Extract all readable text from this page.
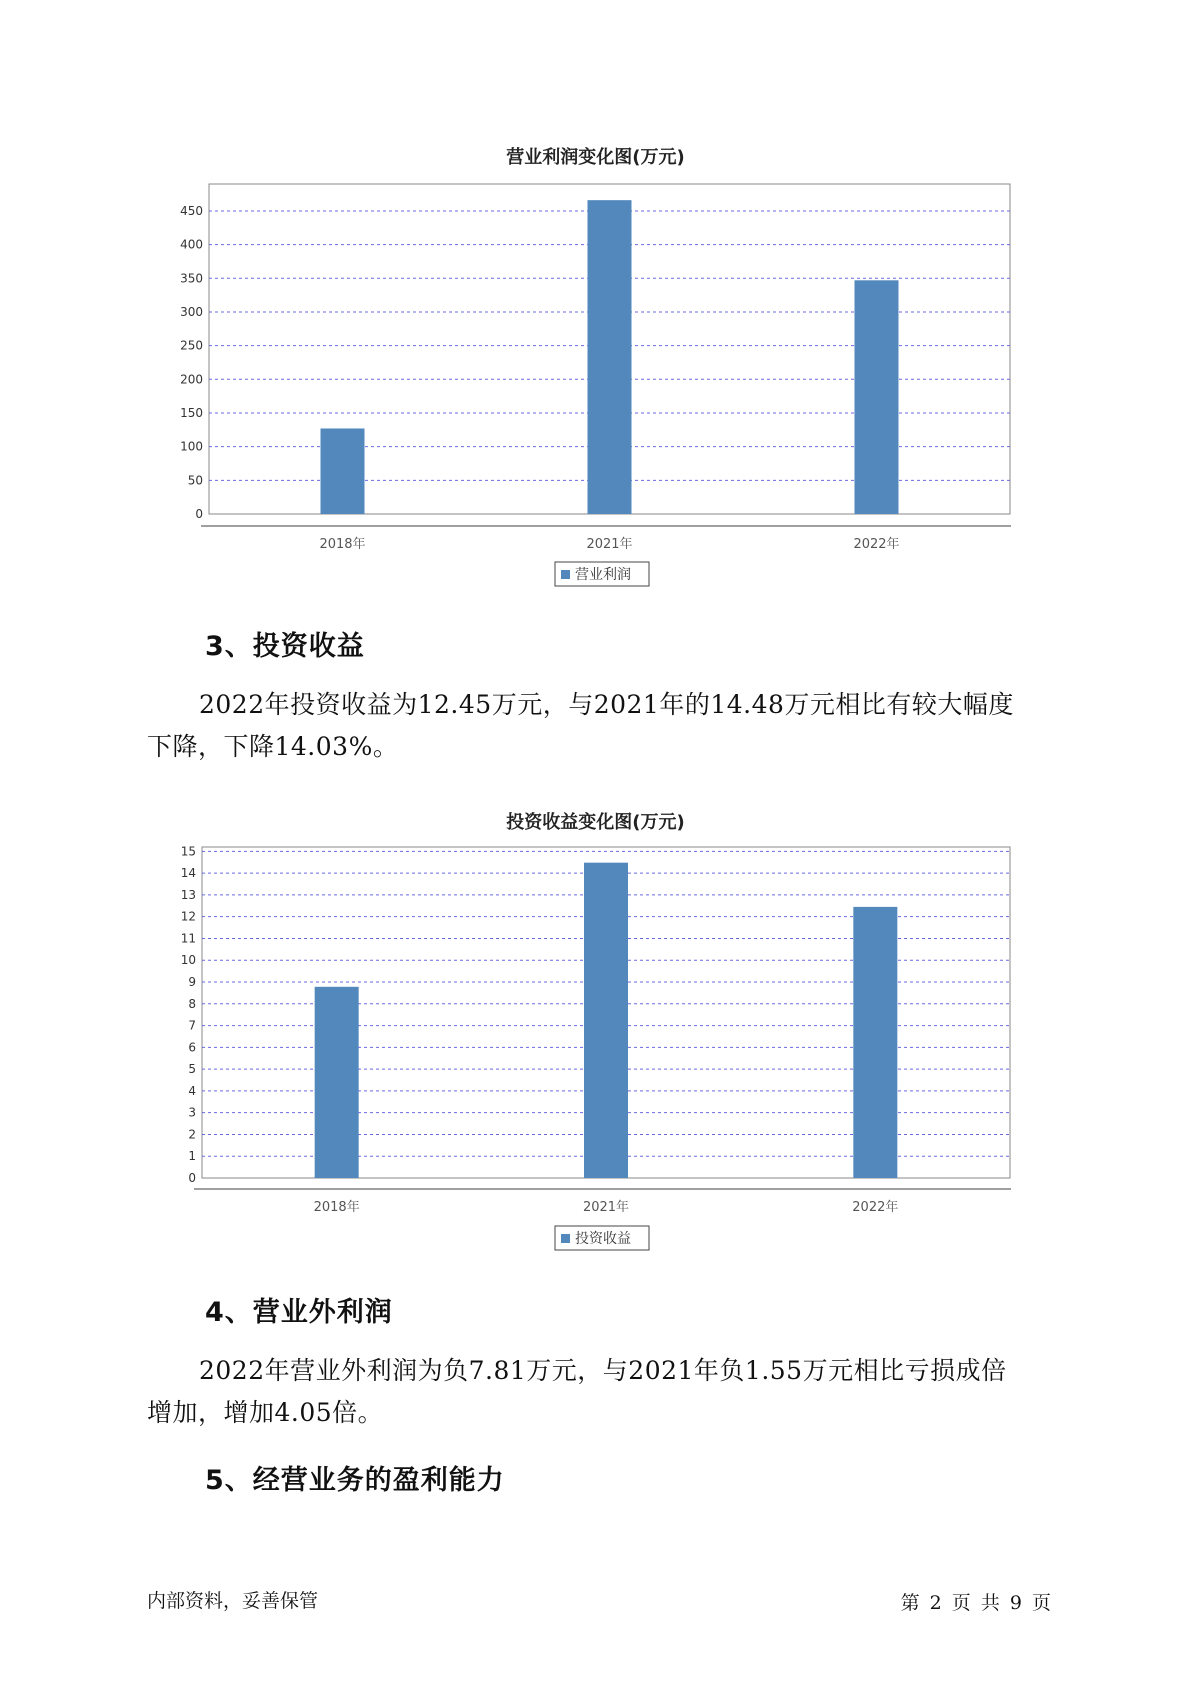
营业利润变化图(万元)
0
50
100
150
200
250
300
350
400
450
2018年	2021年	2022年
营业利润
3、投资收益
2022年投资收益为12.45万元，与2021年的14.48万元相比有较大幅度
下降，下降14.03%。
投资收益变化图(万元)
0
1
2
3
4
5
6
7
8
9
10
11
12
13
14
15
2018年	2021年	2022年
投资收益
4、营业外利润
2022年营业外利润为负7.81万元，与2021年负1.55万元相比亏损成倍
增加，增加4.05倍。
5、经营业务的盈利能力
内部资料，妥善保管	第 2 页 共 9 页
